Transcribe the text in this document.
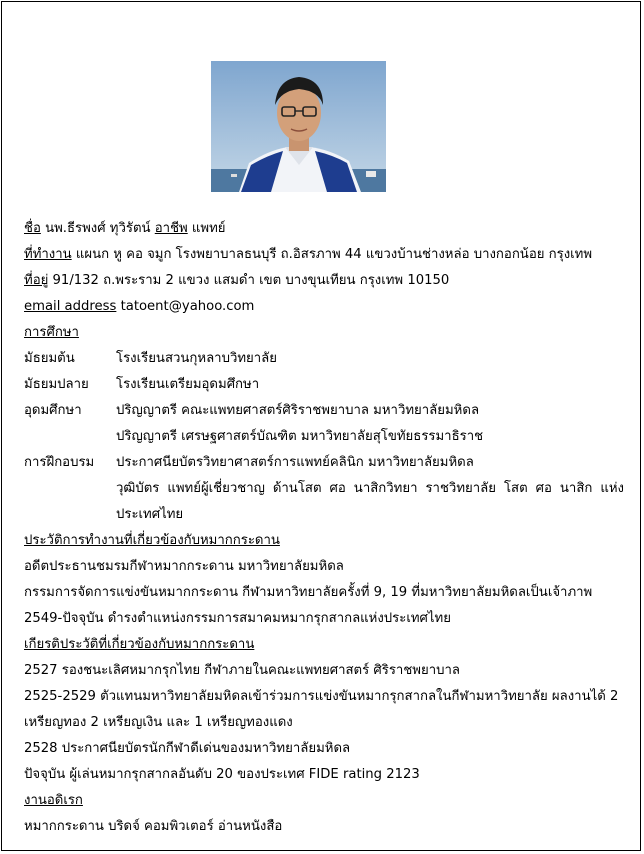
ชื่อ นพ.ธีรพงศ์ ทุวิรัตน์ อาชีพ แพทย์
ที่ทำงาน แผนก หู คอ จมูก โรงพยาบาลธนบุรี ถ.อิสรภาพ 44 แขวงบ้านช่างหล่อ บางกอกน้อย กรุงเทพ
ที่อยู่ 91/132 ถ.พระราม 2 แขวง แสมดำ เขต บางขุนเทียน กรุงเทพ 10150
email address tatoent@yahoo.com
การศึกษา
มัธยมต้น	โรงเรียนสวนกุหลาบวิทยาลัย
มัธยมปลาย	โรงเรียนเตรียมอุดมศึกษา
อุดมศึกษา	ปริญญาตรี คณะแพทยศาสตร์ศิริราชพยาบาล มหาวิทยาลัยมหิดล
ปริญญาตรี เศรษฐศาสตร์บัณฑิต มหาวิทยาลัยสุโขทัยธรรมาธิราช
การฝึกอบรม	ประกาศนียบัตรวิทยาศาสตร์การแพทย์คลินิก มหาวิทยาลัยมหิดล
วุฒิบัตร แพทย์ผู้เชี่ยวชาญ ด้านโสต ศอ นาสิกวิทยา ราชวิทยาลัย โสต ศอ นาสิก แห่ง
ประเทศไทย
ประวัติการทำงานที่เกี่ยวข้องกับหมากกระดาน
อดีตประธานชมรมกีฬาหมากกระดาน มหาวิทยาลัยมหิดล
กรรมการจัดการแข่งขันหมากกระดาน กีฬามหาวิทยาลัยครั้งที่ 9, 19 ที่มหาวิทยาลัยมหิดลเป็นเจ้าภาพ
2549-ปัจจุบัน ดำรงตำแหน่งกรรมการสมาคมหมากรุกสากลแห่งประเทศไทย
เกียรติประวัติที่เกี่ยวข้องกับหมากกระดาน
2527 รองชนะเลิศหมากรุกไทย กีฬาภายในคณะแพทยศาสตร์ ศิริราชพยาบาล
2525-2529 ตัวแทนมหาวิทยาลัยมหิดลเข้าร่วมการแข่งขันหมากรุกสากลในกีฬามหาวิทยาลัย ผลงานได้ 2
เหรียญทอง 2 เหรียญเงิน และ 1 เหรียญทองแดง
2528 ประกาศนียบัตรนักกีฬาดีเด่นของมหาวิทยาลัยมหิดล
ปัจจุบัน ผู้เล่นหมากรุกสากลอันดับ 20 ของประเทศ FIDE rating 2123
งานอดิเรก
หมากกระดาน บริดจ์ คอมพิวเตอร์ อ่านหนังสือ
